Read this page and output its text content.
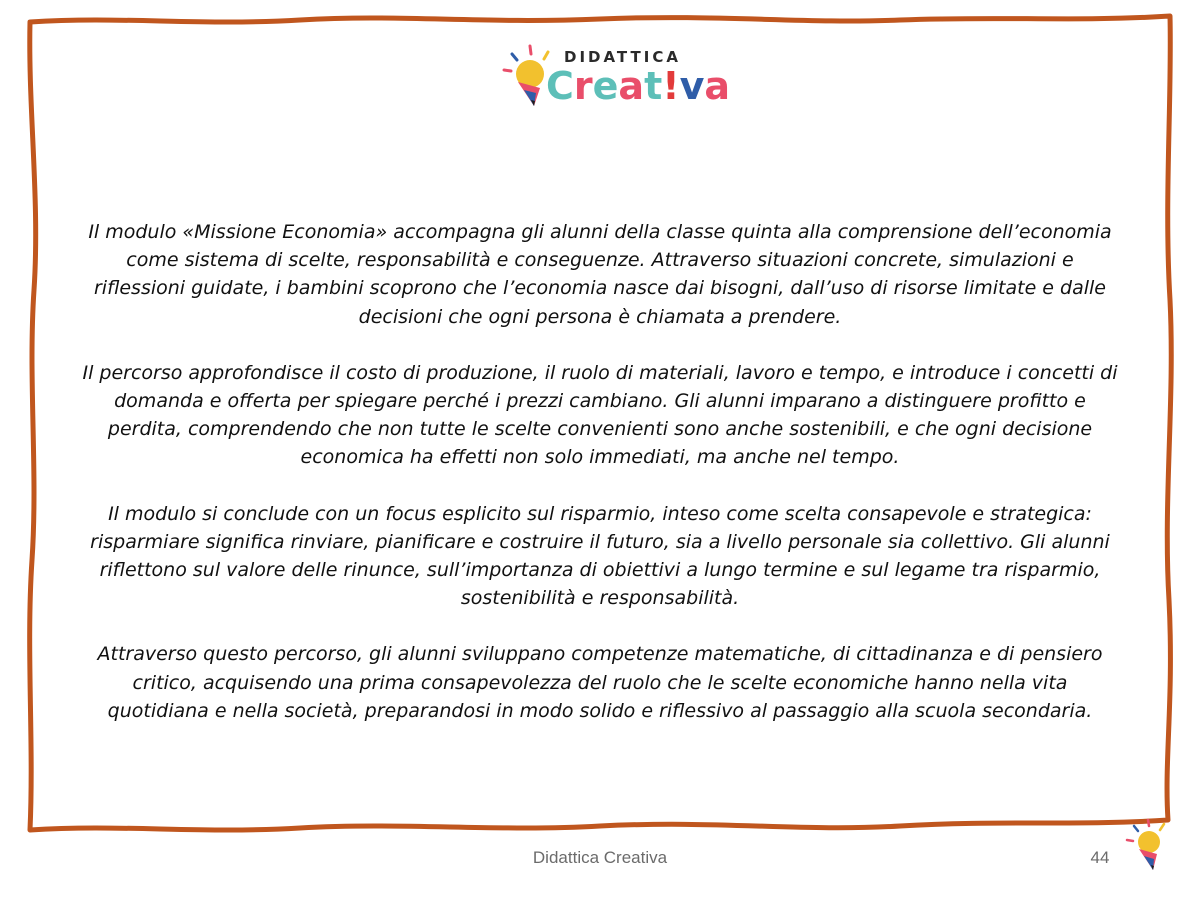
DIDATTICA
Creat!va

Il modulo «Missione Economia» accompagna gli alunni della classe quinta alla comprensione dell’economia come sistema di scelte, responsabilità e conseguenze. Attraverso situazioni concrete, simulazioni e riflessioni guidate, i bambini scoprono che l’economia nasce dai bisogni, dall’uso di risorse limitate e dalle decisioni che ogni persona è chiamata a prendere.

Il percorso approfondisce il costo di produzione, il ruolo di materiali, lavoro e tempo, e introduce i concetti di domanda e offerta per spiegare perché i prezzi cambiano. Gli alunni imparano a distinguere profitto e perdita, comprendendo che non tutte le scelte convenienti sono anche sostenibili, e che ogni decisione economica ha effetti non solo immediati, ma anche nel tempo.

Il modulo si conclude con un focus esplicito sul risparmio, inteso come scelta consapevole e strategica: risparmiare significa rinviare, pianificare e costruire il futuro, sia a livello personale sia collettivo. Gli alunni riflettono sul valore delle rinunce, sull’importanza di obiettivi a lungo termine e sul legame tra risparmio, sostenibilità e responsabilità.

Attraverso questo percorso, gli alunni sviluppano competenze matematiche, di cittadinanza e di pensiero critico, acquisendo una prima consapevolezza del ruolo che le scelte economiche hanno nella vita quotidiana e nella società, preparandosi in modo solido e riflessivo al passaggio alla scuola secondaria.

Didattica Creativa	44
